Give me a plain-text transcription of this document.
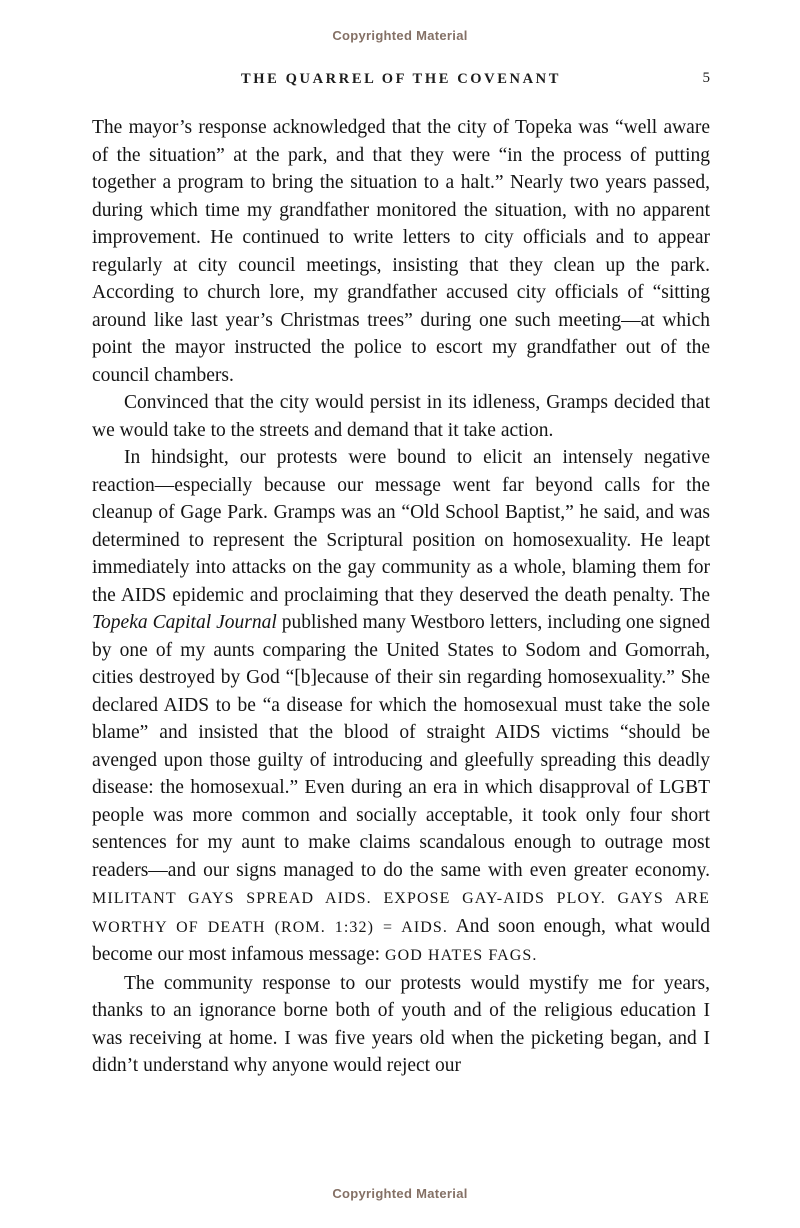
Copyrighted Material
THE QUARREL OF THE COVENANT	5

The mayor’s response acknowledged that the city of Topeka was “well aware of the situation” at the park, and that they were “in the process of putting together a program to bring the situation to a halt.” Nearly two years passed, during which time my grandfather monitored the situation, with no apparent improvement. He continued to write letters to city officials and to appear regularly at city council meetings, insisting that they clean up the park. According to church lore, my grandfather accused city officials of “sitting around like last year’s Christmas trees” during one such meeting—at which point the mayor instructed the police to escort my grandfather out of the council chambers.

Convinced that the city would persist in its idleness, Gramps decided that we would take to the streets and demand that it take action.

In hindsight, our protests were bound to elicit an intensely negative reaction—especially because our message went far beyond calls for the cleanup of Gage Park. Gramps was an “Old School Baptist,” he said, and was determined to represent the Scriptural position on homosexuality. He leapt immediately into attacks on the gay community as a whole, blaming them for the AIDS epidemic and proclaiming that they deserved the death penalty. The Topeka Capital Journal published many Westboro letters, including one signed by one of my aunts comparing the United States to Sodom and Gomorrah, cities destroyed by God “[b]ecause of their sin regarding homosexuality.” She declared AIDS to be “a disease for which the homosexual must take the sole blame” and insisted that the blood of straight AIDS victims “should be avenged upon those guilty of introducing and gleefully spreading this deadly disease: the homosexual.” Even during an era in which disapproval of LGBT people was more common and socially acceptable, it took only four short sentences for my aunt to make claims scandalous enough to outrage most readers—and our signs managed to do the same with even greater economy. MILITANT GAYS SPREAD AIDS. EXPOSE GAY-AIDS PLOY. GAYS ARE WORTHY OF DEATH (ROM. 1:32) = AIDS. And soon enough, what would become our most infamous message: GOD HATES FAGS.

The community response to our protests would mystify me for years, thanks to an ignorance borne both of youth and of the religious education I was receiving at home. I was five years old when the picketing began, and I didn’t understand why anyone would reject our

Copyrighted Material
